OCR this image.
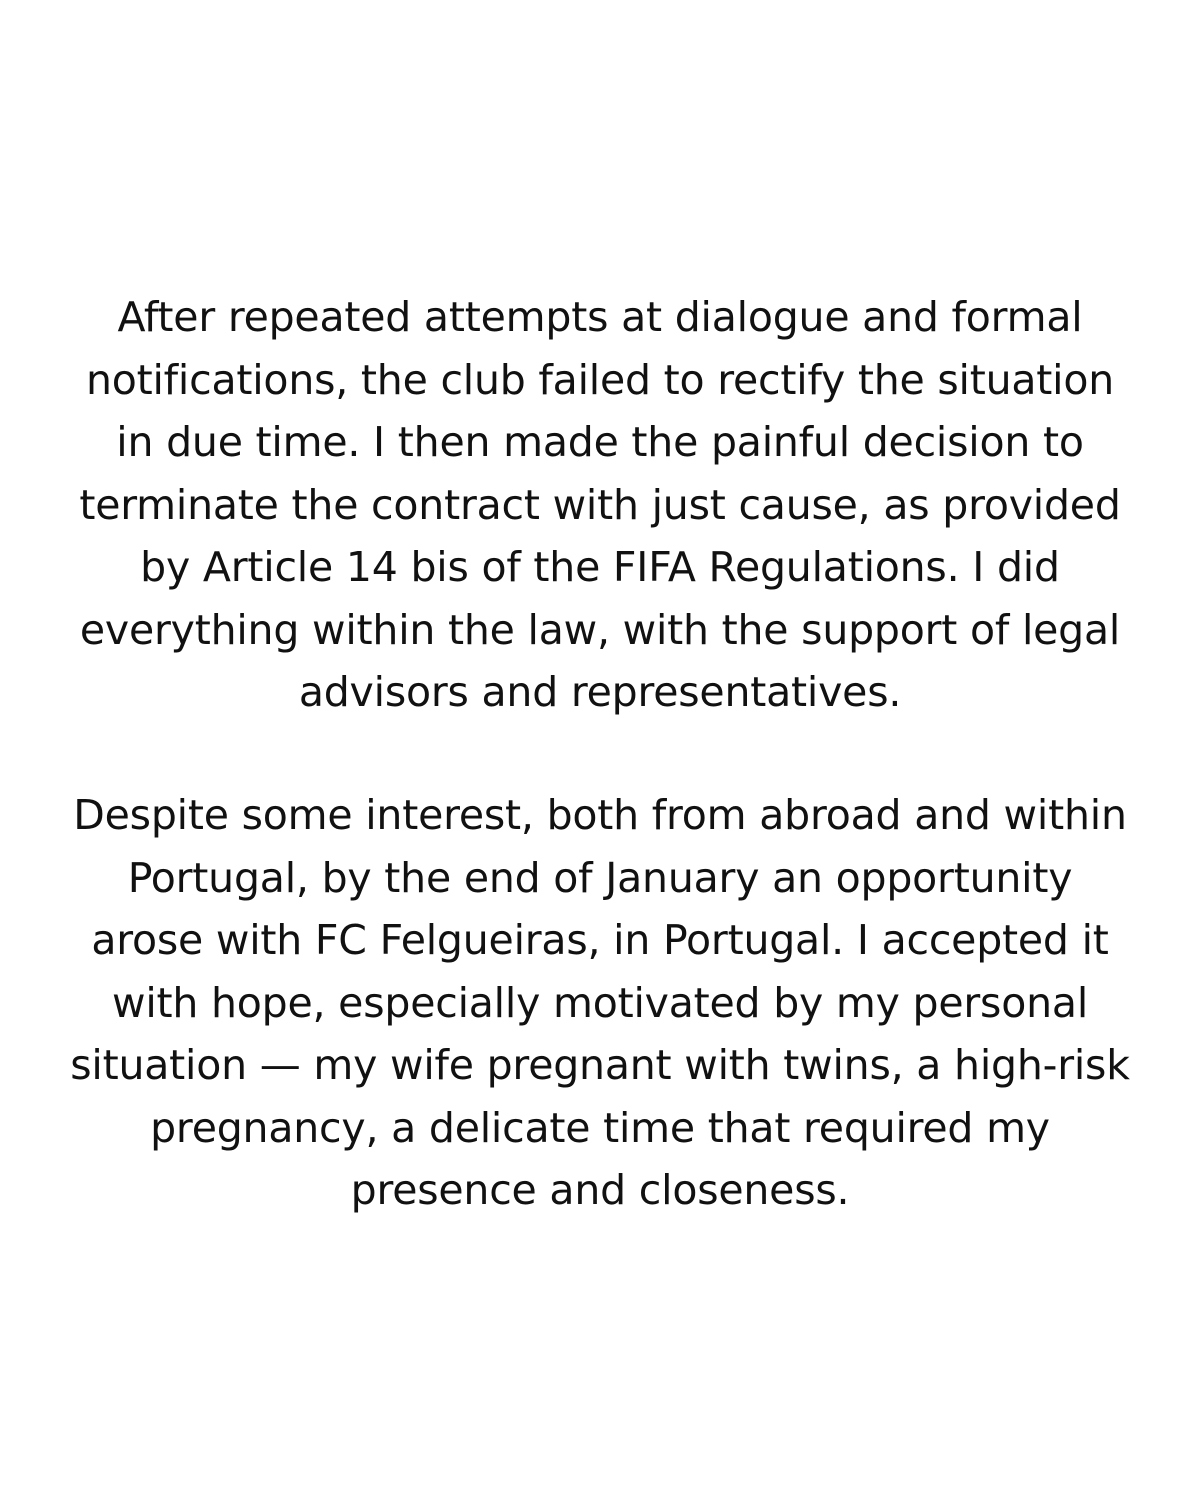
After repeated attempts at dialogue and formal
notifications, the club failed to rectify the situation
in due time. I then made the painful decision to
terminate the contract with just cause, as provided
by Article 14 bis of the FIFA Regulations. I did
everything within the law, with the support of legal
advisors and representatives.
Despite some interest, both from abroad and within
Portugal, by the end of January an opportunity
arose with FC Felgueiras, in Portugal. I accepted it
with hope, especially motivated by my personal
situation — my wife pregnant with twins, a high-risk
pregnancy, a delicate time that required my
presence and closeness.
